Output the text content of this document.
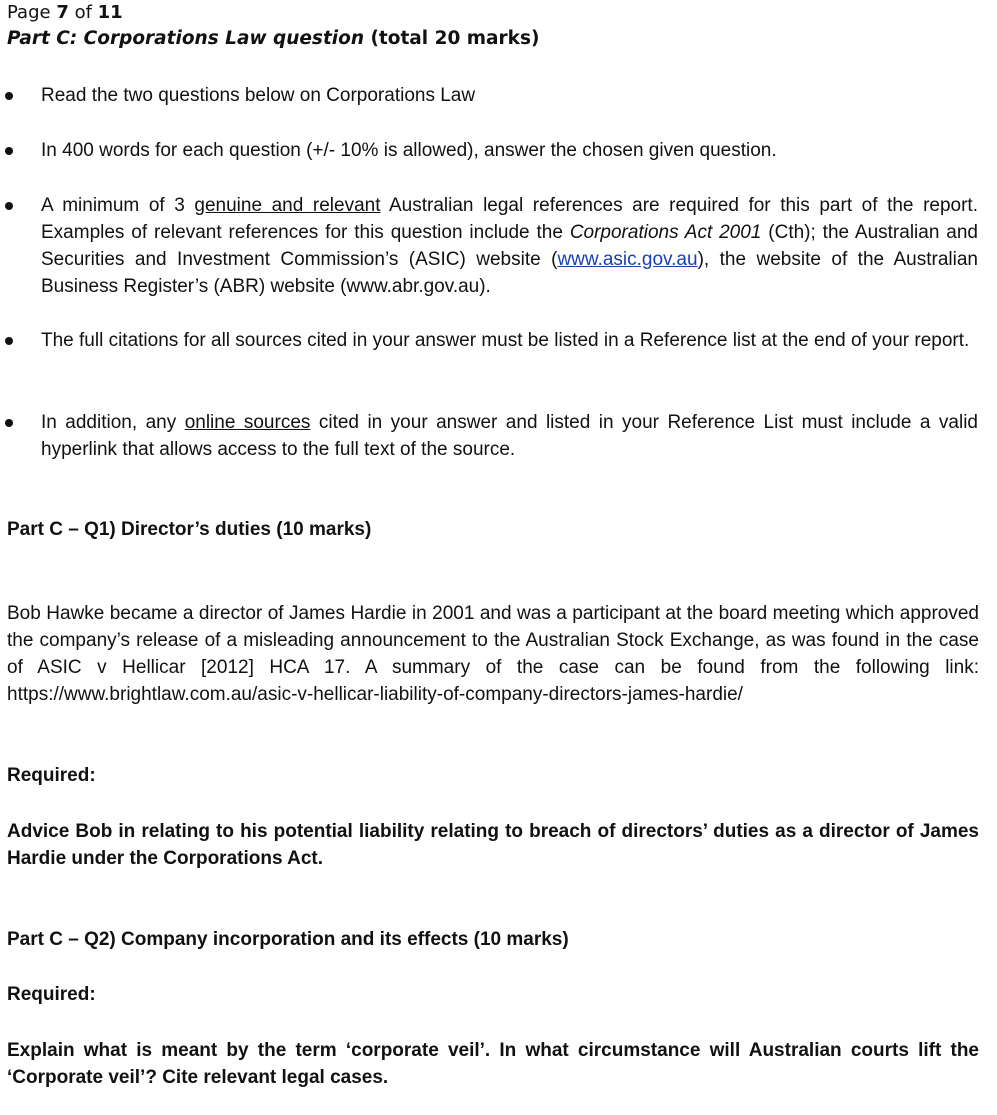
Page 7 of 11
Part C: Corporations Law question (total 20 marks)
Read the two questions below on Corporations Law
In 400 words for each question (+/- 10% is allowed), answer the chosen given question.
A minimum of 3 genuine and relevant Australian legal references are required for this part of the report. Examples of relevant references for this question include the Corporations Act 2001 (Cth); the Australian and Securities and Investment Commission’s (ASIC) website (www.asic.gov.au), the website of the Australian Business Register’s (ABR) website (www.abr.gov.au).
The full citations for all sources cited in your answer must be listed in a Reference list at the end of your report.
In addition, any online sources cited in your answer and listed in your Reference List must include a valid hyperlink that allows access to the full text of the source.
Part C – Q1) Director’s duties (10 marks)
Bob Hawke became a director of James Hardie in 2001 and was a participant at the board meeting which approved the company’s release of a misleading announcement to the Australian Stock Exchange, as was found in the case of ASIC v Hellicar [2012] HCA 17. A summary of the case can be found from the following link: https://www.brightlaw.com.au/asic-v-hellicar-liability-of-company-directors-james-hardie/
Required:
Advice Bob in relating to his potential liability relating to breach of directors’ duties as a director of James Hardie under the Corporations Act.
Part C – Q2) Company incorporation and its effects (10 marks)
Required:
Explain what is meant by the term ‘corporate veil’. In what circumstance will Australian courts lift the ‘Corporate veil’? Cite relevant legal cases.
